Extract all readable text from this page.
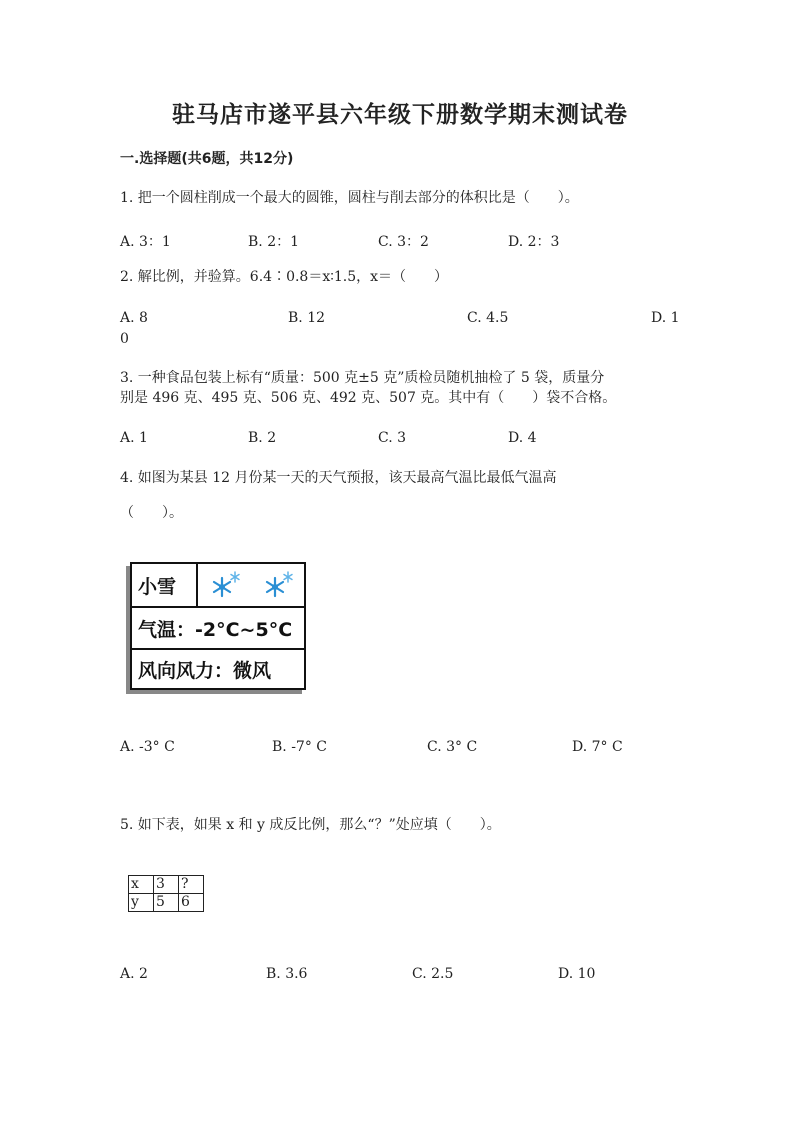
驻马店市遂平县六年级下册数学期末测试卷
一.选择题(共6题，共12分)
1. 把一个圆柱削成一个最大的圆锥，圆柱与削去部分的体积比是（　　）。
A. 3：1	B. 2：1	C. 3：2	D. 2：3
2. 解比例，并验算。6.4∶0.8＝x∶1.5，x＝（　　）
A. 8	B. 12	C. 4.5	D. 1
0
3. 一种食品包装上标有“质量：500 克±5 克”质检员随机抽检了 5 袋，质量分
别是 496 克、495 克、506 克、492 克、507 克。其中有（　　）袋不合格。
A. 1	B. 2	C. 3	D. 4
4. 如图为某县 12 月份某一天的天气预报，该天最高气温比最低气温高
（　　）。
小雪
气温：-2°C~5°C
风向风力：微风
A. -3° C	B. -7° C	C. 3° C	D. 7° C
5. 如下表，如果 x 和 y 成反比例，那么“？”处应填（　　）。
x	3	?
y	5	6
A. 2	B. 3.6	C. 2.5	D. 10
